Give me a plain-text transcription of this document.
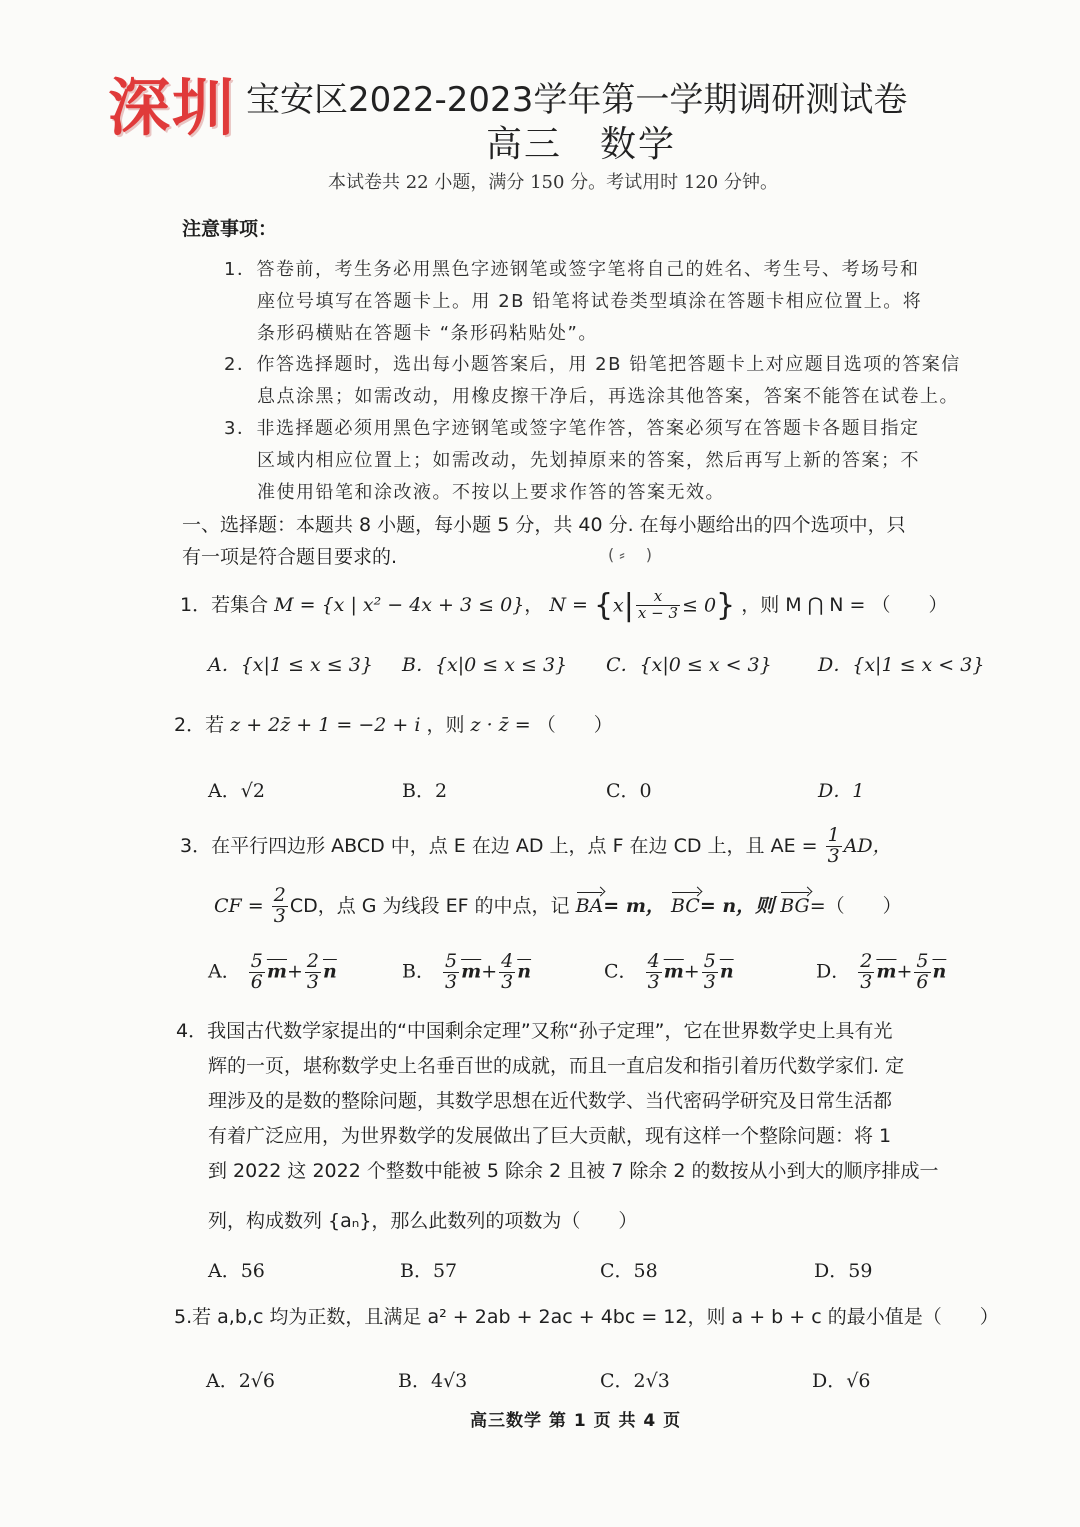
深圳 宝安区2022-2023学年第一学期调研测试卷
高三　数学
本试卷共 22 小题，满分 150 分。考试用时 120 分钟。
注意事项：
1．答卷前，考生务必用黑色字迹钢笔或签字笔将自己的姓名、考生号、考场号和
座位号填写在答题卡上。用 2B 铅笔将试卷类型填涂在答题卡相应位置上。将
条形码横贴在答题卡 “条形码粘贴处”。
2．作答选择题时，选出每小题答案后，用 2B 铅笔把答题卡上对应题目选项的答案信
息点涂黑；如需改动，用橡皮擦干净后，再选涂其他答案，答案不能答在试卷上。
3．非选择题必须用黑色字迹钢笔或签字笔作答，答案必须写在答题卡各题目指定
区域内相应位置上；如需改动，先划掉原来的答案，然后再写上新的答案；不
准使用铅笔和涂改液。不按以上要求作答的答案无效。
一、选择题：本题共 8 小题，每小题 5 分，共 40 分. 在每小题给出的四个选项中，只
有一项是符合题目要求的.	( ⸗　 )
1．若集合 M = {x | x² − 4x + 3 ≤ 0}， $N = \{x| \frac{x}{x - 3} \le 0\}$ ，则 M ⋂ N = （　　）
A．{x|1 ≤ x ≤ 3} B．{x|0 ≤ x ≤ 3} C．{x|0 ≤ x < 3} D．{x|1 ≤ x < 3}
2．若 z + 2z̄ + 1 = −2 + i ，则 z · z̄ = （　　）
A．√2	B．2	C．0	D．1
3．在平行四边形 ABCD 中，点 E 在边 AD 上，点 F 在边 CD 上，且 AE = $\frac{1}{3}$ AD，
CF = $\frac{2}{3}$ CD，点 G 为线段 EF 的中点，记 BA= m， BC= n，则 BG=（　　）
A． $\frac{5}{6} \overline{m}+ \frac{2}{3} \overline{n}$	B． $\frac{5}{3} \overline{m}+ \frac{4}{3} \overline{n}$	C． $\frac{4}{3} \overline{m}+ \frac{5}{3} \overline{n}$	D． $\frac{2}{3} \overline{m}+ \frac{5}{6} \overline{n}$
4．我国古代数学家提出的“中国剩余定理”又称“孙子定理”，它在世界数学史上具有光
辉的一页，堪称数学史上名垂百世的成就，而且一直启发和指引着历代数学家们. 定
理涉及的是数的整除问题，其数学思想在近代数学、当代密码学研究及日常生活都
有着广泛应用，为世界数学的发展做出了巨大贡献，现有这样一个整除问题：将 1
到 2022 这 2022 个整数中能被 5 除余 2 且被 7 除余 2 的数按从小到大的顺序排成一
列，构成数列 {aₙ}，那么此数列的项数为（　　）
A．56	B．57	C．58	D．59
5.若 a,b,c 均为正数，且满足 a² + 2ab + 2ac + 4bc = 12，则 a + b + c 的最小值是（　　）
A．2√6	B．4√3	C．2√3	D．√6
高三数学 第 1 页 共 4 页
